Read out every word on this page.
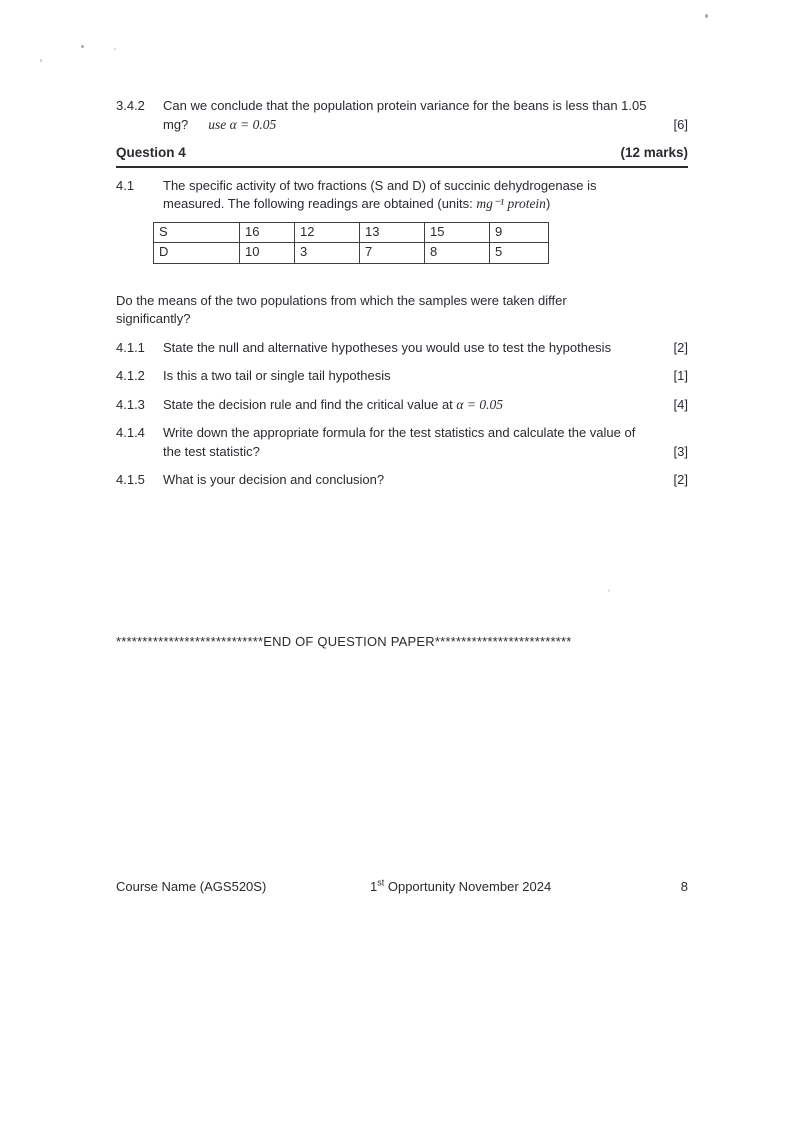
3.4.2	Can we conclude that the population protein variance for the beans is less than 1.05
mg? use α = 0.05	[6]
Question 4	(12 marks)
4.1	The specific activity of two fractions (S and D) of succinic dehydrogenase is
measured. The following readings are obtained (units: mg⁻¹ protein)
S	16	12	13	15	9
D	10	3	7	8	5
Do the means of the two populations from which the samples were taken differ
significantly?
4.1.1	State the null and alternative hypotheses you would use to test the hypothesis	[2]
4.1.2	Is this a two tail or single tail hypothesis	[1]
4.1.3	State the decision rule and find the critical value at α = 0.05	[4]
4.1.4	Write down the appropriate formula for the test statistics and calculate the value of
the test statistic?	[3]
4.1.5	What is your decision and conclusion?	[2]
****************************END OF QUESTION PAPER**************************
Course Name (AGS520S)	1st Opportunity November 2024	8
